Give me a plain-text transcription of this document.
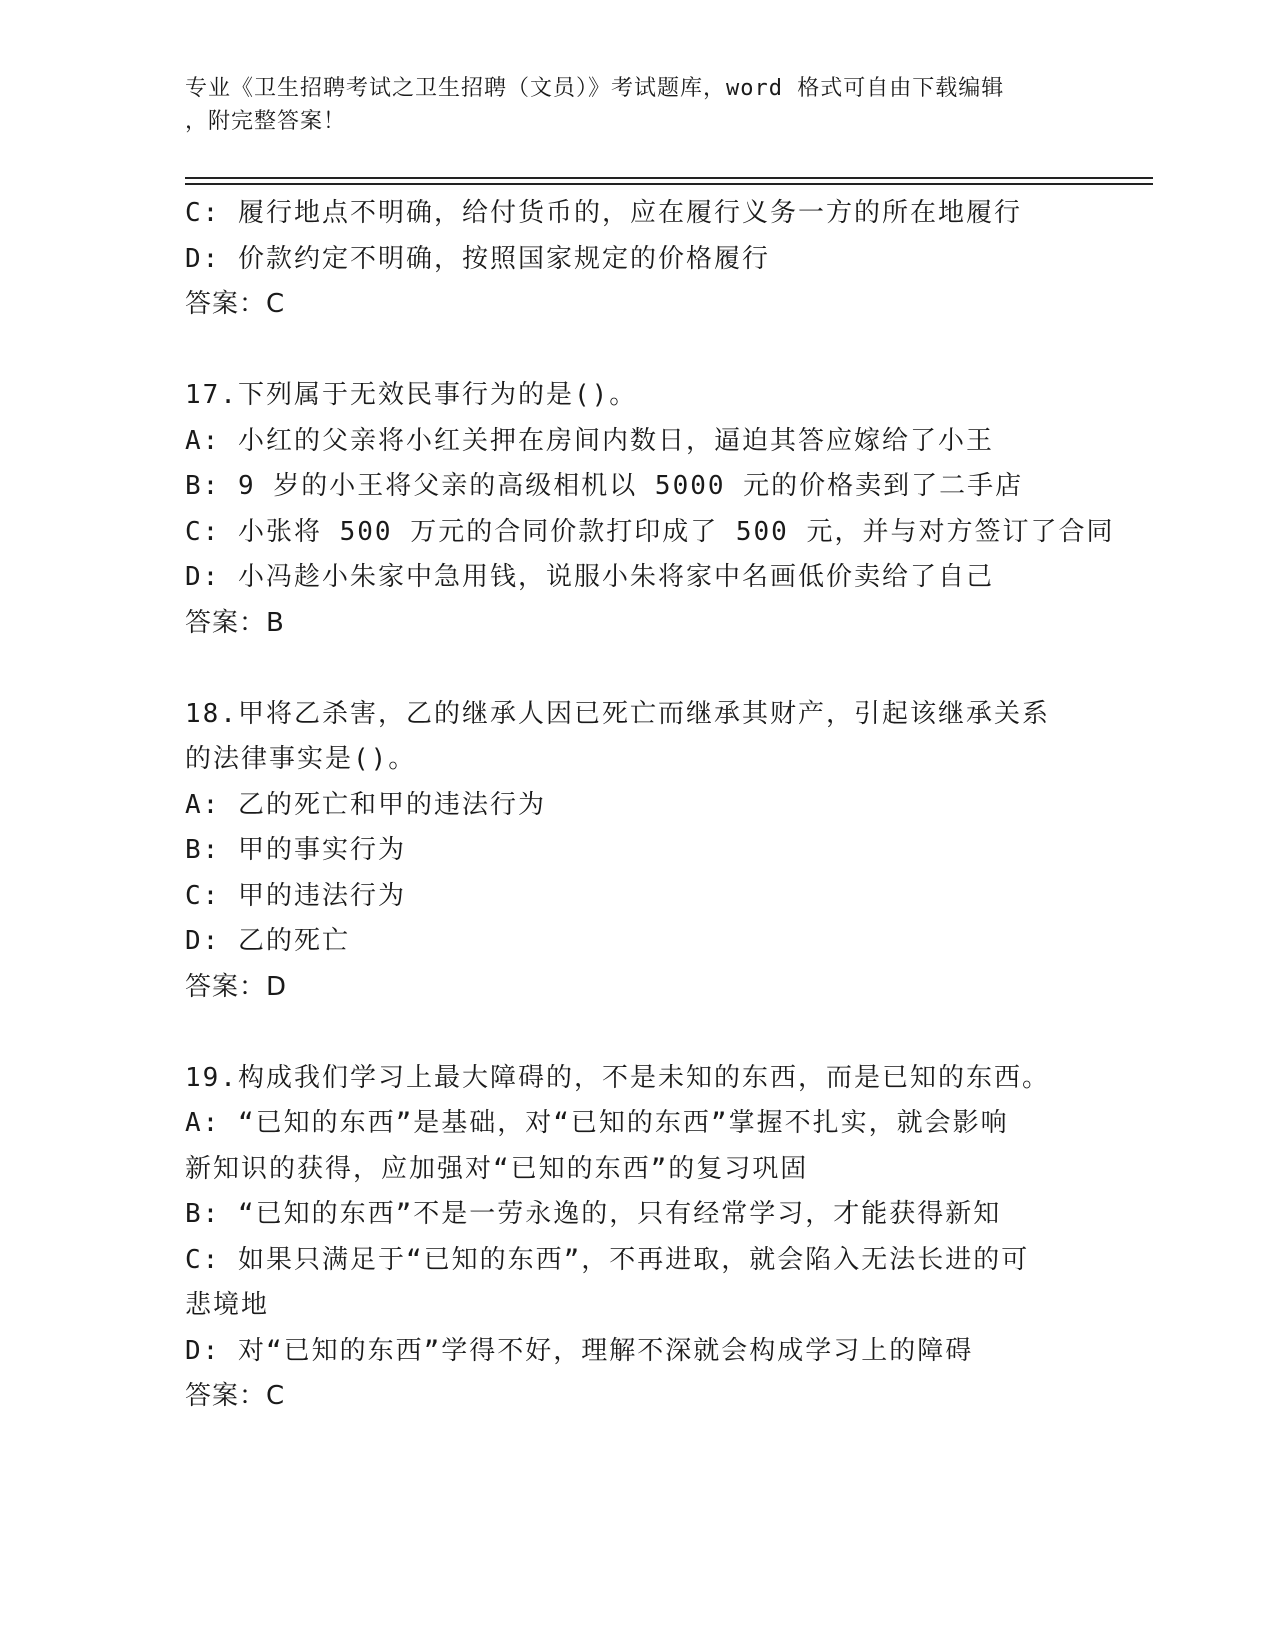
专业《卫生招聘考试之卫生招聘（文员）》考试题库，word 格式可自由下载编辑
，附完整答案！
C: 履行地点不明确，给付货币的，应在履行义务一方的所在地履行
D: 价款约定不明确，按照国家规定的价格履行
答案：C
17.下列属于无效民事行为的是()。
A: 小红的父亲将小红关押在房间内数日，逼迫其答应嫁给了小王
B: 9 岁的小王将父亲的高级相机以 5000 元的价格卖到了二手店
C: 小张将 500 万元的合同价款打印成了 500 元，并与对方签订了合同
D: 小冯趁小朱家中急用钱，说服小朱将家中名画低价卖给了自己
答案：B
18.甲将乙杀害，乙的继承人因已死亡而继承其财产，引起该继承关系
的法律事实是()。
A: 乙的死亡和甲的违法行为
B: 甲的事实行为
C: 甲的违法行为
D: 乙的死亡
答案：D
19.构成我们学习上最大障碍的，不是未知的东西，而是已知的东西。
A: “已知的东西”是基础，对“已知的东西”掌握不扎实，就会影响
新知识的获得，应加强对“已知的东西”的复习巩固
B: “已知的东西”不是一劳永逸的，只有经常学习，才能获得新知
C: 如果只满足于“已知的东西”，不再进取，就会陷入无法长进的可
悲境地
D: 对“已知的东西”学得不好，理解不深就会构成学习上的障碍
答案：C
